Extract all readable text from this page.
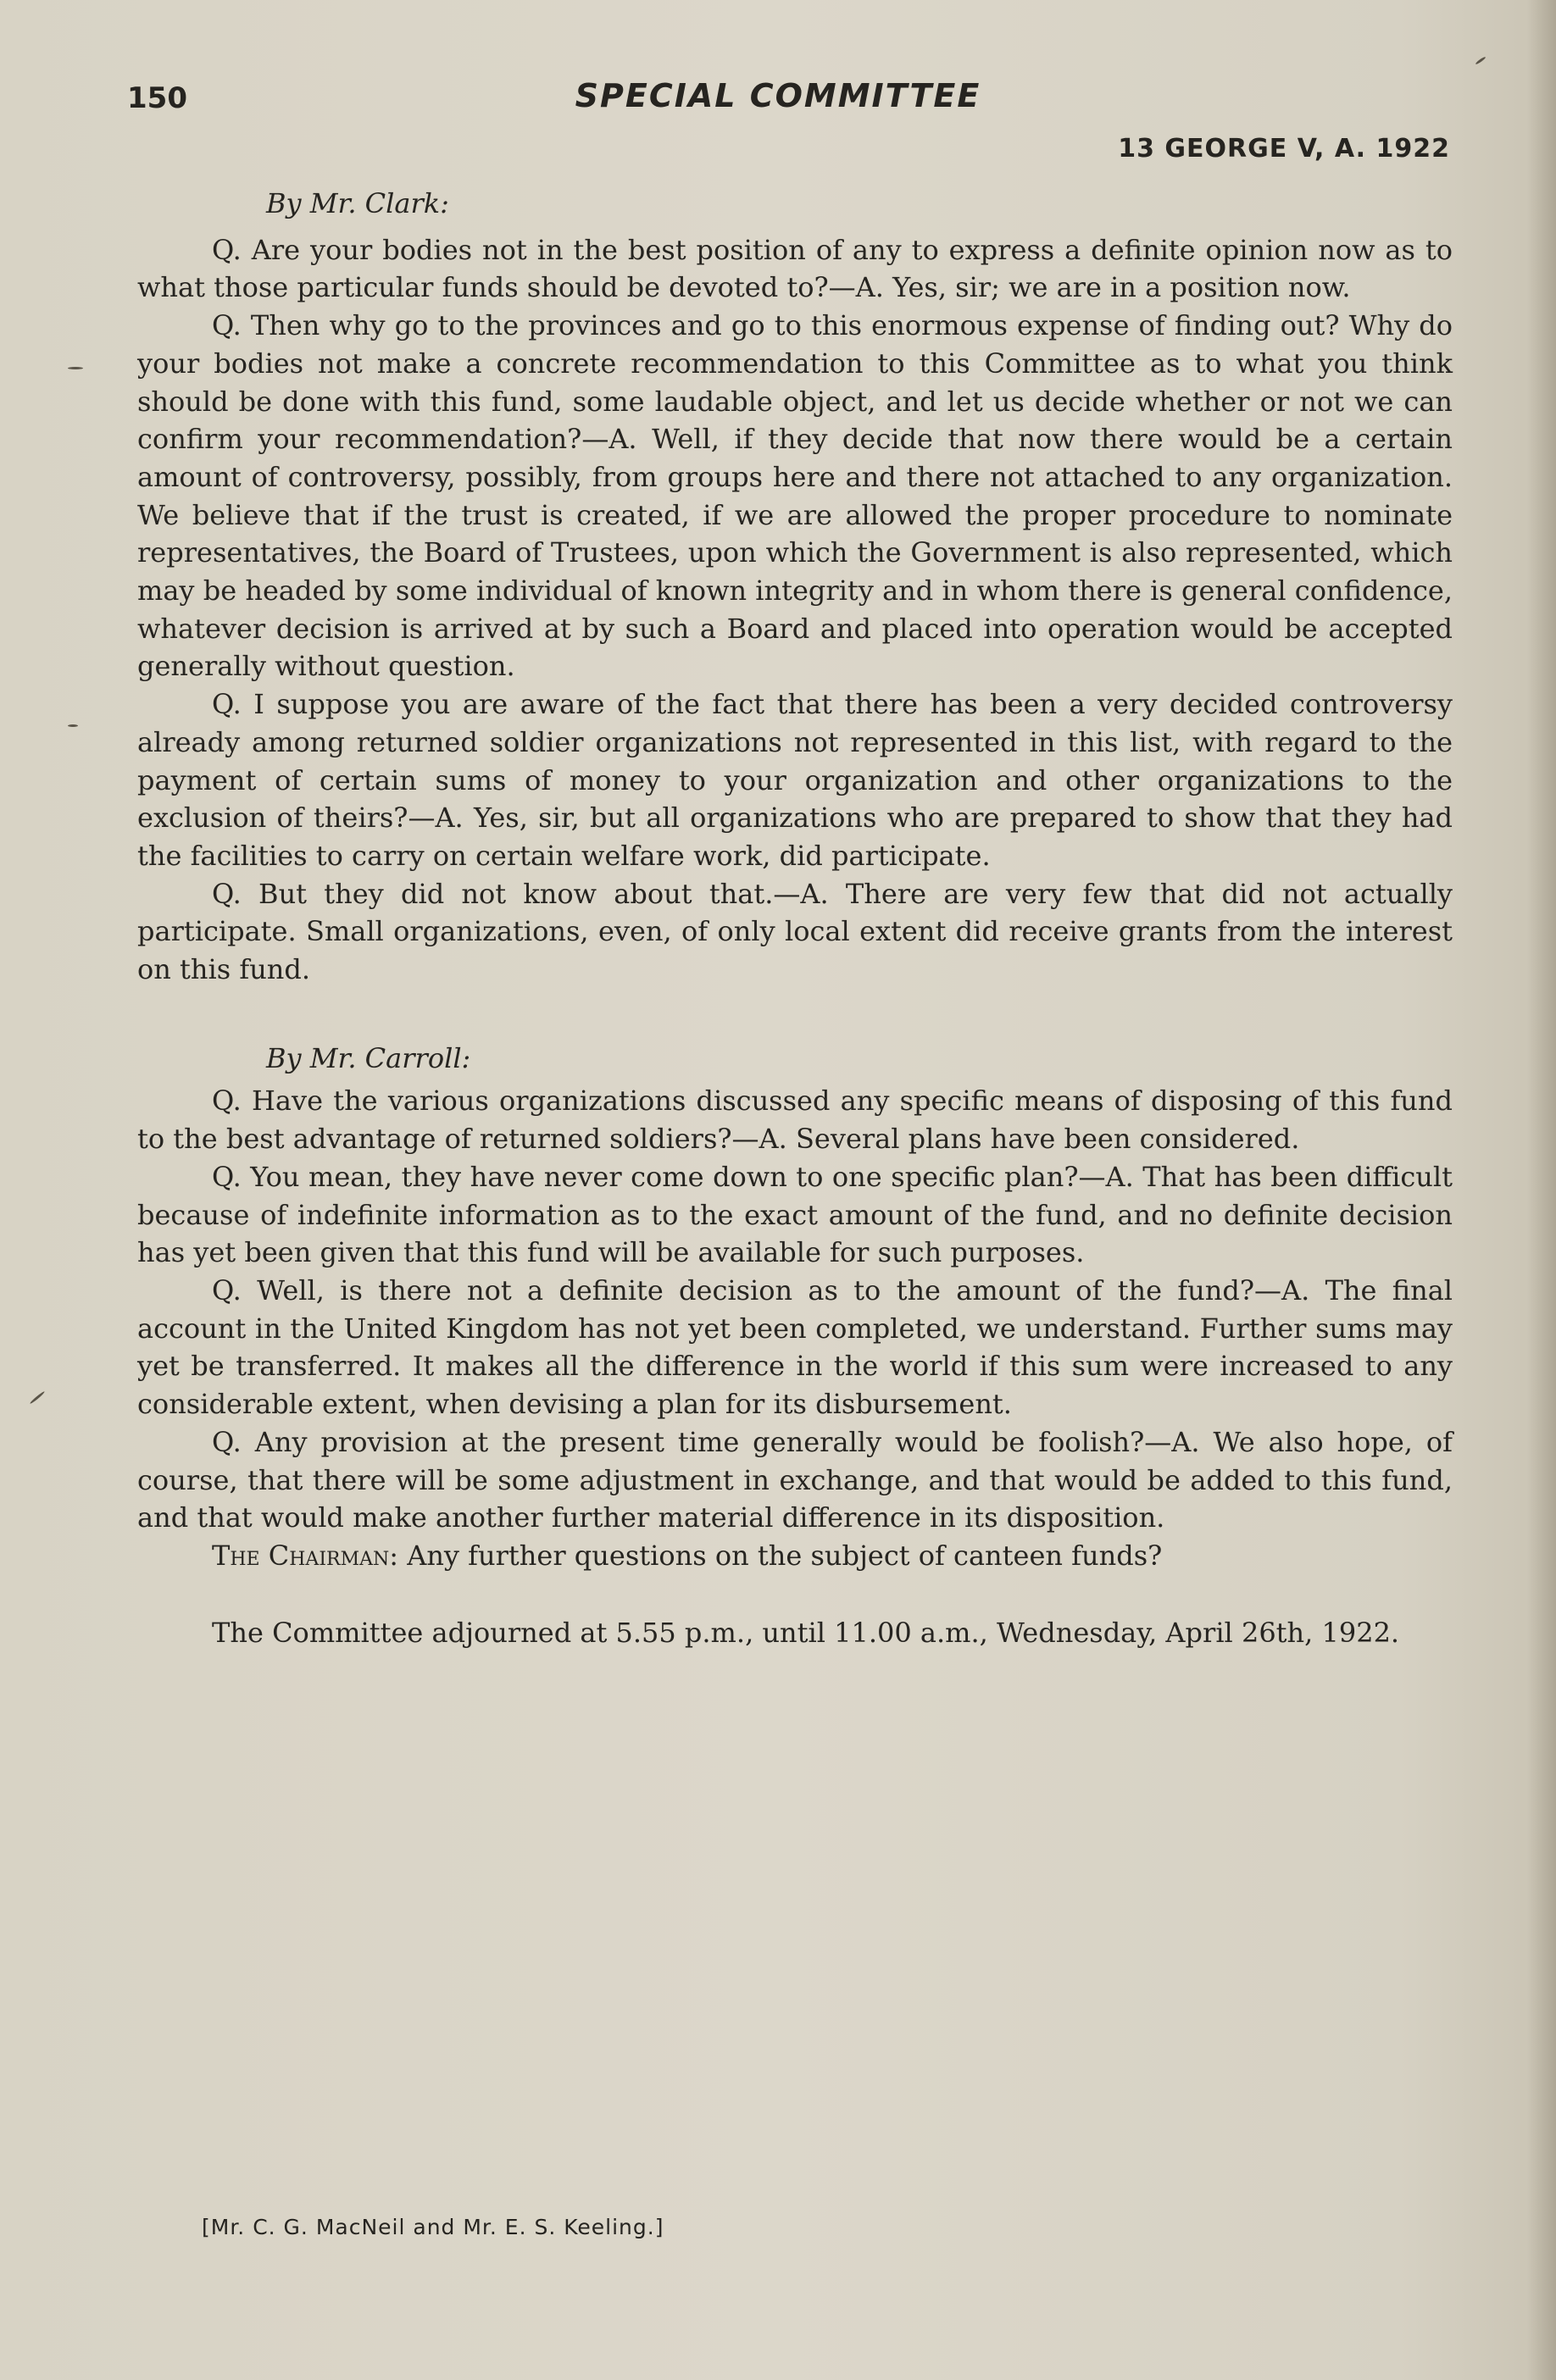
150	SPECIAL COMMITTEE

13 GEORGE V, A. 1922

By Mr. Clark:

Q. Are your bodies not in the best position of any to express a definite opinion now as to what those particular funds should be devoted to?—A. Yes, sir; we are in a position now.

Q. Then why go to the provinces and go to this enormous expense of finding out? Why do your bodies not make a concrete recommendation to this Committee as to what you think should be done with this fund, some laudable object, and let us decide whether or not we can confirm your recommendation?—A. Well, if they decide that now there would be a certain amount of controversy, possibly, from groups here and there not attached to any organization. We believe that if the trust is created, if we are allowed the proper procedure to nominate representatives, the Board of Trustees, upon which the Government is also represented, which may be headed by some individual of known integrity and in whom there is general confidence, whatever decision is arrived at by such a Board and placed into operation would be accepted generally without question.

Q. I suppose you are aware of the fact that there has been a very decided controversy already among returned soldier organizations not represented in this list, with regard to the payment of certain sums of money to your organization and other organizations to the exclusion of theirs?—A. Yes, sir, but all organizations who are prepared to show that they had the facilities to carry on certain welfare work, did participate.

Q. But they did not know about that.—A. There are very few that did not actually participate. Small organizations, even, of only local extent did receive grants from the interest on this fund.

By Mr. Carroll:

Q. Have the various organizations discussed any specific means of disposing of this fund to the best advantage of returned soldiers?—A. Several plans have been considered.

Q. You mean, they have never come down to one specific plan?—A. That has been difficult because of indefinite information as to the exact amount of the fund, and no definite decision has yet been given that this fund will be available for such purposes.

Q. Well, is there not a definite decision as to the amount of the fund?—A. The final account in the United Kingdom has not yet been completed, we understand. Further sums may yet be transferred. It makes all the difference in the world if this sum were increased to any considerable extent, when devising a plan for its disbursement.

Q. Any provision at the present time generally would be foolish?—A. We also hope, of course, that there will be some adjustment in exchange, and that would be added to this fund, and that would make another further material difference in its disposition.

The Chairman: Any further questions on the subject of canteen funds?

The Committee adjourned at 5.55 p.m., until 11.00 a.m., Wednesday, April 26th, 1922.

[Mr. C. G. MacNeil and Mr. E. S. Keeling.]
